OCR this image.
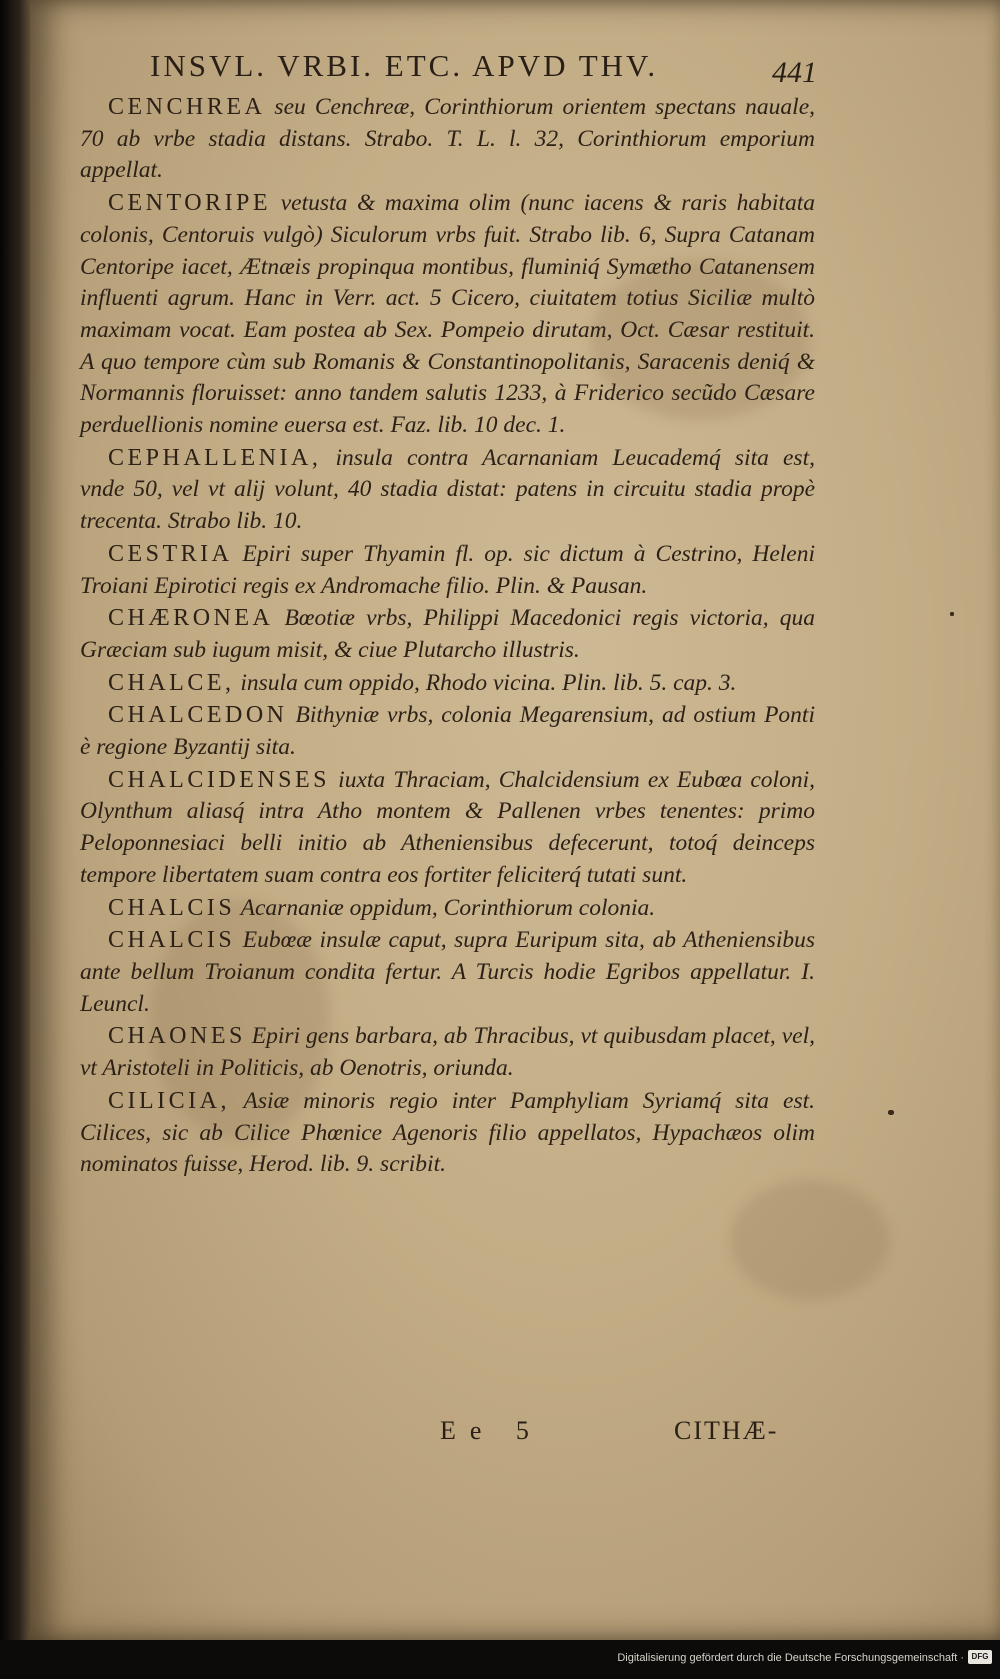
INSVL. VRBI. ETC. APVD THV.	441

CENCHREA seu Cenchreæ, Corinthiorum orientem spectans nauale, 70 ab vrbe stadia distans. Strabo. T. L. l. 32, Corinthiorum emporium appellat.

CENTORIPE vetusta & maxima olim (nunc iacens & raris habitata colonis, Centoruis vulgò) Siculorum vrbs fuit. Strabo lib. 6, Supra Catanam Centoripe iacet, Ætnæis propinqua montibus, fluminiq́ Symætho Catanensem influenti agrum. Hanc in Verr. act. 5 Cicero, ciuitatem totius Siciliæ multò maximam vocat. Eam postea ab Sex. Pompeio dirutam, Oct. Cæsar restituit. A quo tempore cùm sub Romanis & Constantinopolitanis, Saracenis deniq́ & Normannis floruisset: anno tandem salutis 1233, à Friderico secũdo Cæsare perduellionis nomine euersa est. Faz. lib. 10 dec. 1.

CEPHALLENIA, insula contra Acarnaniam Leucademq́ sita est, vnde 50, vel vt alij volunt, 40 stadia distat: patens in circuitu stadia propè trecenta. Strabo lib. 10.

CESTRIA Epiri super Thyamin fl. op. sic dictum à Cestrino, Heleni Troiani Epirotici regis ex Andromache filio. Plin. & Pausan.

CHÆRONEA Bœotiæ vrbs, Philippi Macedonici regis victoria, qua Græciam sub iugum misit, & ciue Plutarcho illustris.

CHALCE, insula cum oppido, Rhodo vicina. Plin. lib. 5. cap. 3.

CHALCEDON Bithyniæ vrbs, colonia Megarensium, ad ostium Ponti è regione Byzantij sita.

CHALCIDENSES iuxta Thraciam, Chalcidensium ex Eubœa coloni, Olynthum aliasq́ intra Atho montem & Pallenen vrbes tenentes: primo Peloponnesiaci belli initio ab Atheniensibus defecerunt, totoq́ deinceps tempore libertatem suam contra eos fortiter feliciterq́ tutati sunt.

CHALCIS Acarnaniæ oppidum, Corinthiorum colonia.

CHALCIS Eubœæ insulæ caput, supra Euripum sita, ab Atheniensibus ante bellum Troianum condita fertur. A Turcis hodie Egribos appellatur. I. Leuncl.

CHAONES Epiri gens barbara, ab Thracibus, vt quibusdam placet, vel, vt Aristoteli in Politicis, ab Oenotris, oriunda.

CILICIA, Asiæ minoris regio inter Pamphyliam Syriamq́ sita est. Cilices, sic ab Cilice Phœnice Agenoris filio appellatos, Hypachæos olim nominatos fuisse, Herod. lib. 9. scribit.

Ee 5	CITHÆ-
Digitalisierung gefördert durch die Deutsche Forschungsgemeinschaft · DFG
